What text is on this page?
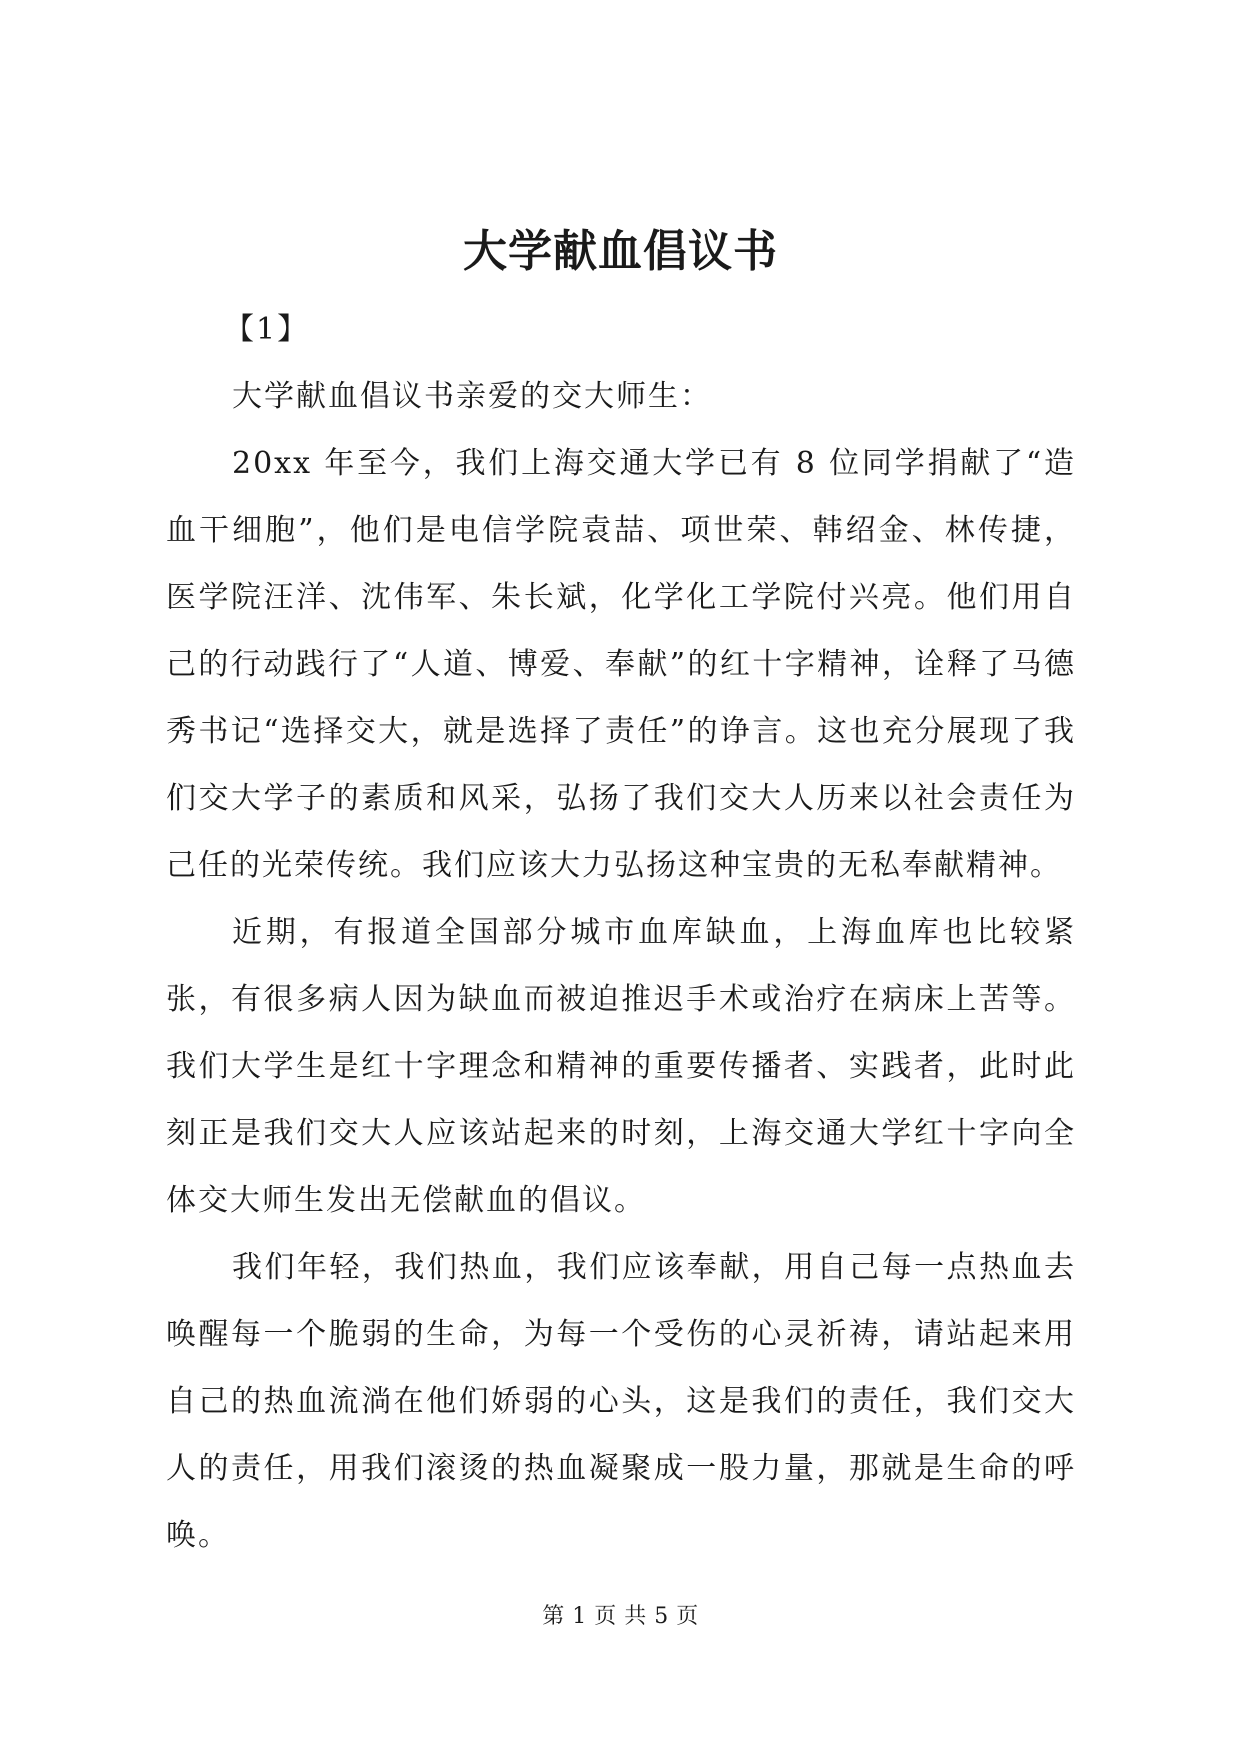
大学献血倡议书

【1】

大学献血倡议书亲爱的交大师生：

20xx 年至今，我们上海交通大学已有 8 位同学捐献了“造血干细胞”，他们是电信学院袁喆、项世荣、韩绍金、林传捷，医学院汪洋、沈伟军、朱长斌，化学化工学院付兴亮。他们用自己的行动践行了“人道、博爱、奉献”的红十字精神，诠释了马德秀书记“选择交大，就是选择了责任”的诤言。这也充分展现了我们交大学子的素质和风采，弘扬了我们交大人历来以社会责任为己任的光荣传统。我们应该大力弘扬这种宝贵的无私奉献精神。

近期，有报道全国部分城市血库缺血，上海血库也比较紧张，有很多病人因为缺血而被迫推迟手术或治疗在病床上苦等。我们大学生是红十字理念和精神的重要传播者、实践者，此时此刻正是我们交大人应该站起来的时刻，上海交通大学红十字向全体交大师生发出无偿献血的倡议。

我们年轻，我们热血，我们应该奉献，用自己每一点热血去唤醒每一个脆弱的生命，为每一个受伤的心灵祈祷，请站起来用自己的热血流淌在他们娇弱的心头，这是我们的责任，我们交大人的责任，用我们滚烫的热血凝聚成一股力量，那就是生命的呼唤。

第 1 页 共 5 页
